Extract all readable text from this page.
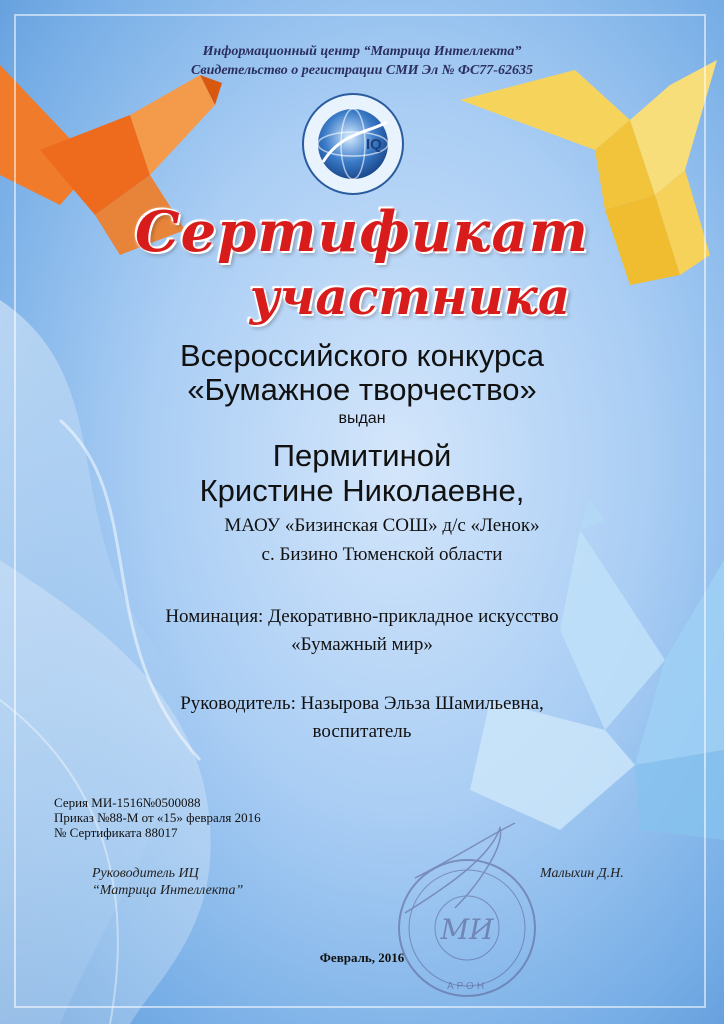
Информационный центр “Матрица Интеллекта”
Свидетельство о регистрации СМИ Эл № ФС77-62635
IQ
Сертификат
участника
Всероссийского конкурса
«Бумажное творчество»
выдан
Пермитиной
Кристине Николаевне,
МАОУ «Бизинская СОШ» д/с «Ленок»
с. Бизино Тюменской области
Номинация: Декоративно-прикладное искусство
«Бумажный мир»
Руководитель: Назырова Эльза Шамильевна,
воспитатель
Серия МИ-1516№0500088
Приказ №88-М от «15» февраля 2016
№ Сертификата 88017
Руководитель ИЦ
“Матрица Интеллекта”
Малыхин Д.Н.
МИ
АРОН
Февраль, 2016
